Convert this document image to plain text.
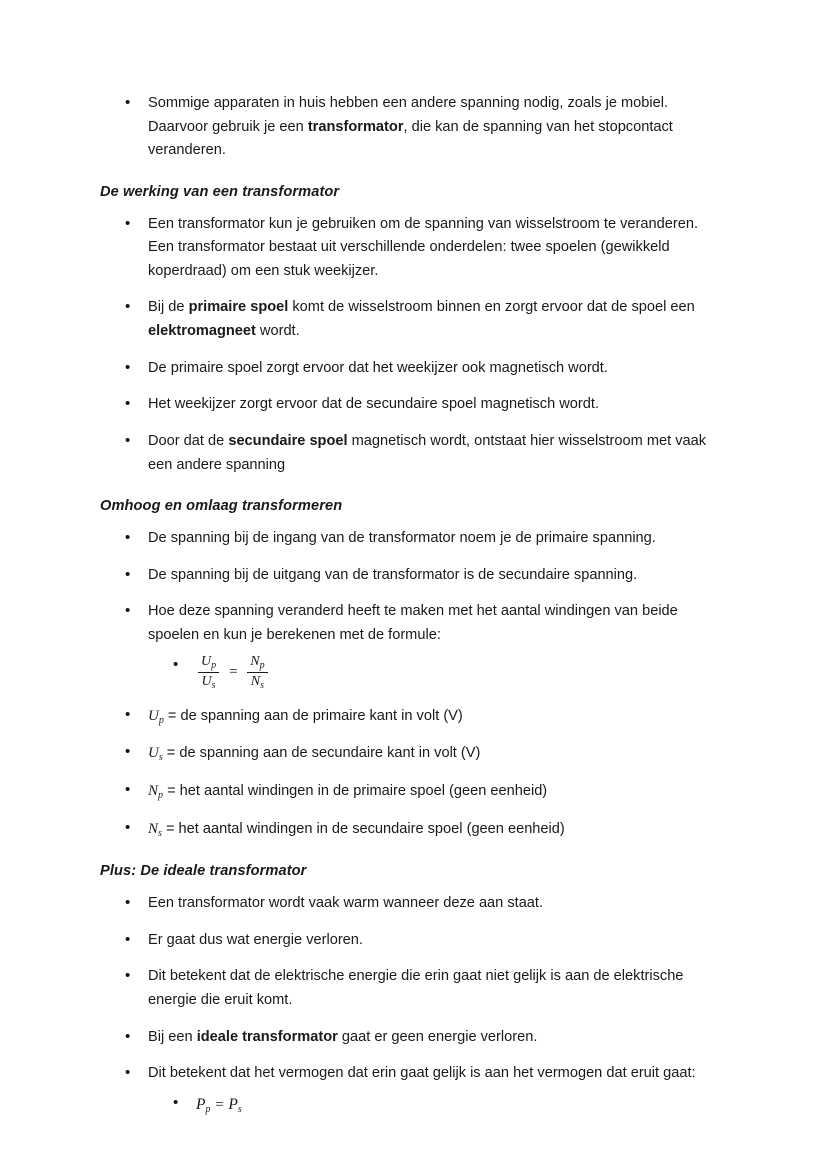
• Sommige apparaten in huis hebben een andere spanning nodig, zoals je mobiel. Daarvoor gebruik je een transformator, die kan de spanning van het stopcontact veranderen.
De werking van een transformator
• Een transformator kun je gebruiken om de spanning van wisselstroom te veranderen. Een transformator bestaat uit verschillende onderdelen: twee spoelen (gewikkeld koperdraad) om een stuk weekijzer.
• Bij de primaire spoel komt de wisselstroom binnen en zorgt ervoor dat de spoel een elektromagneet wordt.
• De primaire spoel zorgt ervoor dat het weekijzer ook magnetisch wordt.
• Het weekijzer zorgt ervoor dat de secundaire spoel magnetisch wordt.
• Door dat de secundaire spoel magnetisch wordt, ontstaat hier wisselstroom met vaak een andere spanning
Omhoog en omlaag transformeren
• De spanning bij de ingang van de transformator noem je de primaire spanning.
• De spanning bij de uitgang van de transformator is de secundaire spanning.
• Hoe deze spanning veranderd heeft te maken met het aantal windingen van beide spoelen en kun je berekenen met de formule:
• $\frac{U_p}{U_s} = \frac{N_p}{N_s}$
• $U_p$ = de spanning aan de primaire kant in volt (V)
• $U_s$ = de spanning aan de secundaire kant in volt (V)
• $N_p$ = het aantal windingen in de primaire spoel (geen eenheid)
• $N_s$ = het aantal windingen in de secundaire spoel (geen eenheid)
Plus: De ideale transformator
• Een transformator wordt vaak warm wanneer deze aan staat.
• Er gaat dus wat energie verloren.
• Dit betekent dat de elektrische energie die erin gaat niet gelijk is aan de elektrische energie die eruit komt.
• Bij een ideale transformator gaat er geen energie verloren.
• Dit betekent dat het vermogen dat erin gaat gelijk is aan het vermogen dat eruit gaat:
• $P_p = P_s$
